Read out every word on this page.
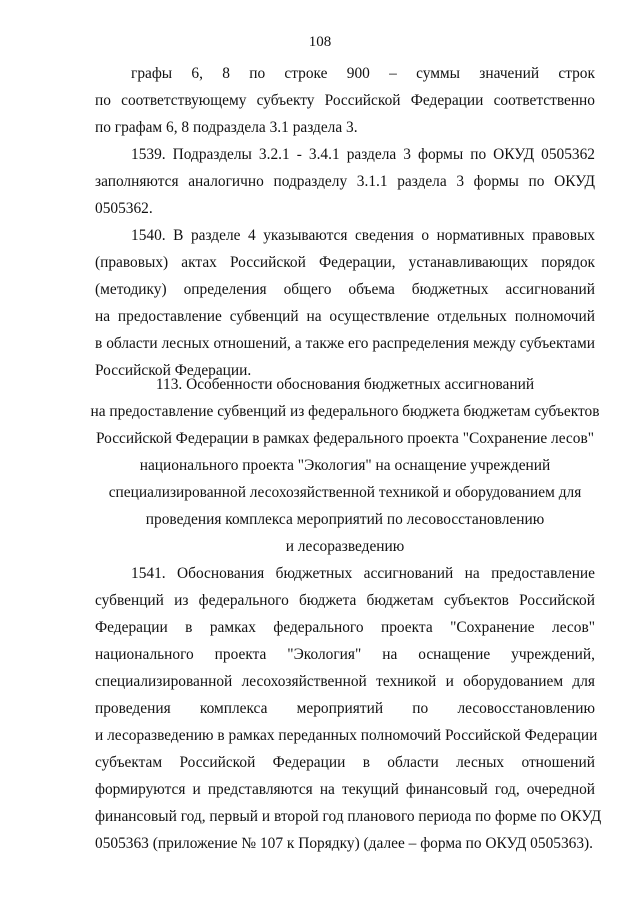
108
графы 6, 8 по строке 900 – суммы значений строк
по соответствующему субъекту Российской Федерации соответственно
по графам 6, 8 подраздела 3.1 раздела 3.
1539. Подразделы 3.2.1 - 3.4.1 раздела 3 формы по ОКУД 0505362
заполняются аналогично подразделу 3.1.1 раздела 3 формы по ОКУД
0505362.
1540. В разделе 4 указываются сведения о нормативных правовых
(правовых) актах Российской Федерации, устанавливающих порядок
(методику) определения общего объема бюджетных ассигнований
на предоставление субвенций на осуществление отдельных полномочий
в области лесных отношений, а также его распределения между субъектами
Российской Федерации.
113. Особенности обоснования бюджетных ассигнований
на предоставление субвенций из федерального бюджета бюджетам субъектов
Российской Федерации в рамках федерального проекта "Сохранение лесов"
национального проекта "Экология" на оснащение учреждений
специализированной лесохозяйственной техникой и оборудованием для
проведения комплекса мероприятий по лесовосстановлению
и лесоразведению
1541. Обоснования бюджетных ассигнований на предоставление
субвенций из федерального бюджета бюджетам субъектов Российской
Федерации в рамках федерального проекта "Сохранение лесов"
национального проекта "Экология" на оснащение учреждений,
специализированной лесохозяйственной техникой и оборудованием для
проведения комплекса мероприятий по лесовосстановлению
и лесоразведению в рамках переданных полномочий Российской Федерации
субъектам Российской Федерации в области лесных отношений
формируются и представляются на текущий финансовый год, очередной
финансовый год, первый и второй год планового периода по форме по ОКУД
0505363 (приложение № 107 к Порядку) (далее – форма по ОКУД 0505363).
